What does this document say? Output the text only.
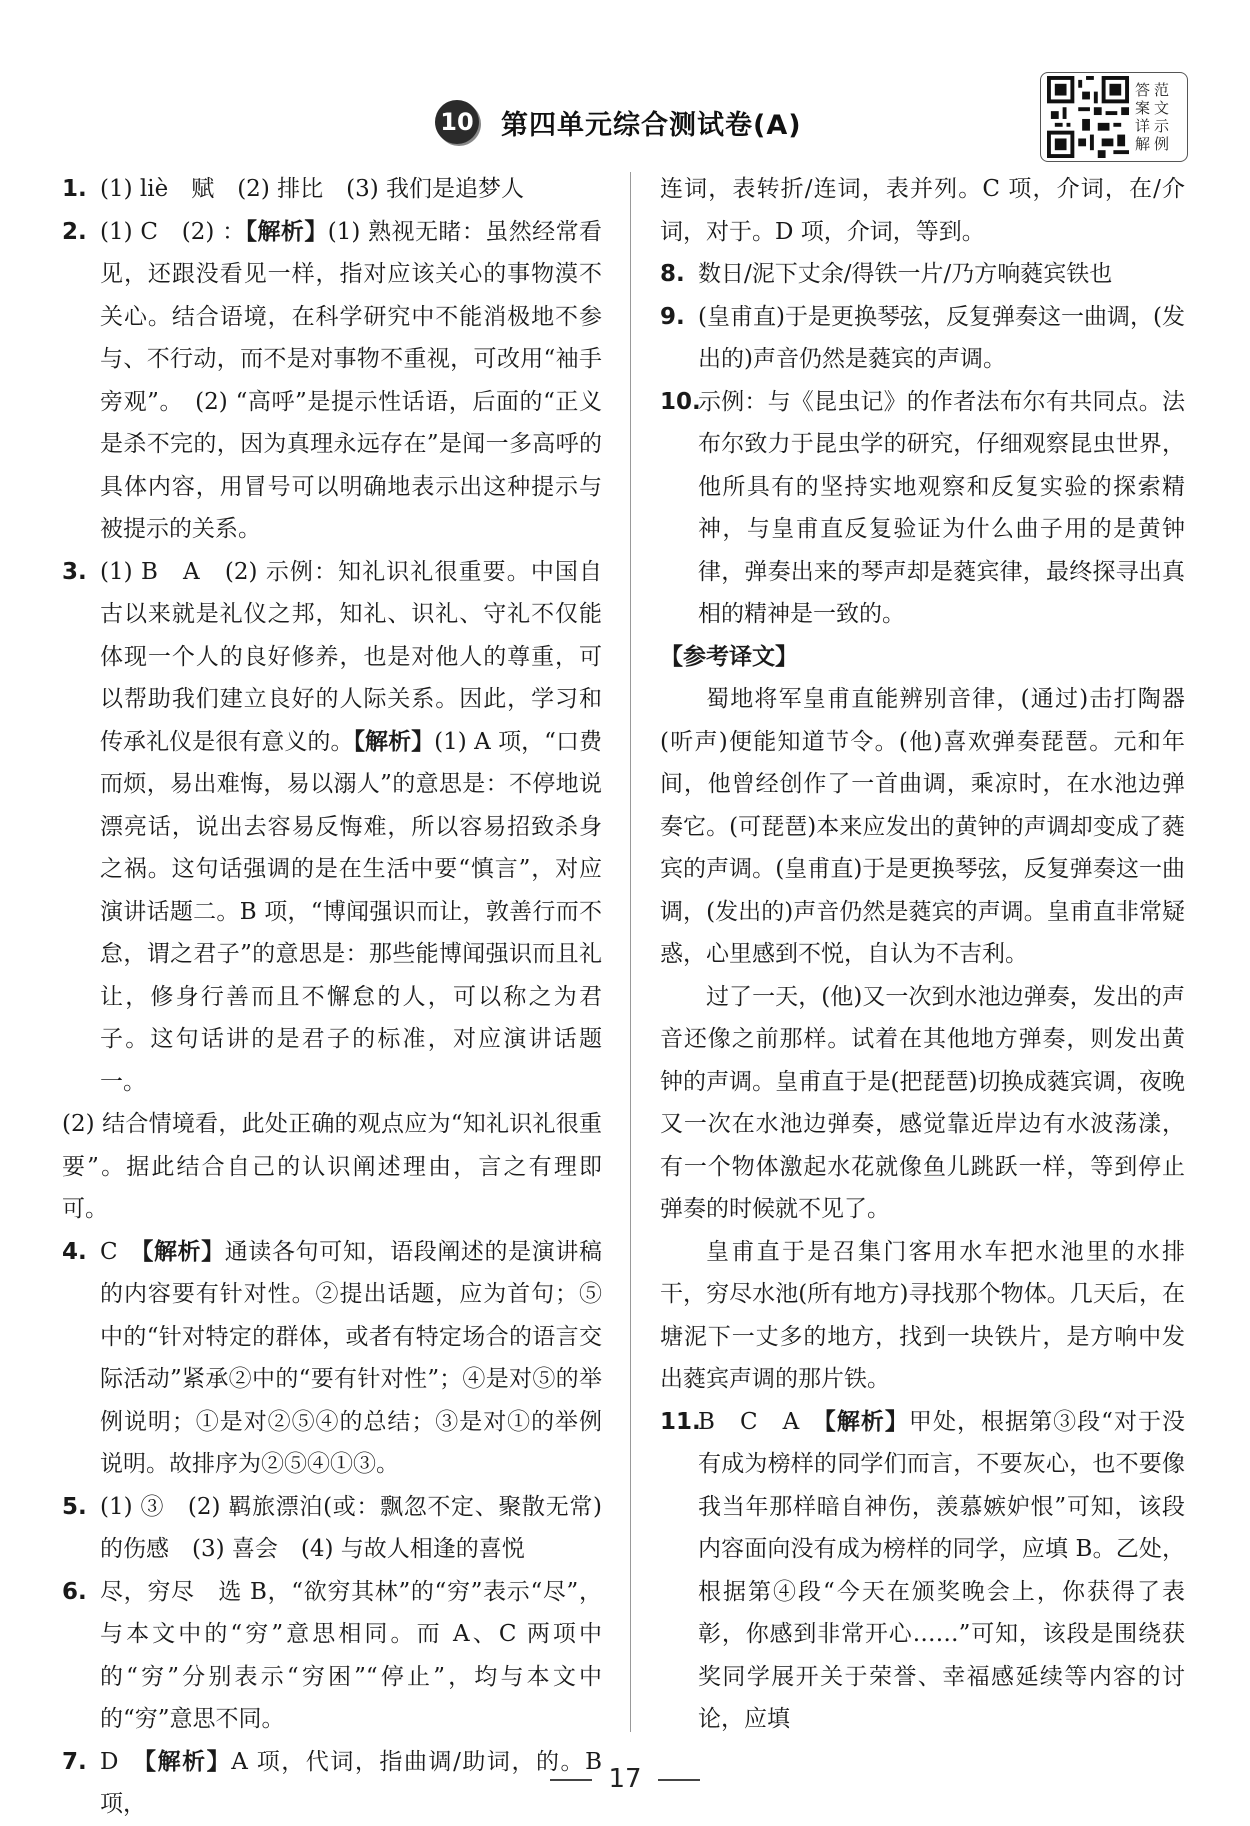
10 第四单元综合测试卷(A)
答
案
详
解
范
文
示
例

1. (1) liè　赋　(2) 排比　(3) 我们是追梦人

2. (1) C　(2) ：【解析】(1) 熟视无睹：虽然经常看见，还跟没看见一样，指对应该关心的事物漠不关心。结合语境，在科学研究中不能消极地不参与、不行动，而不是对事物不重视，可改用“袖手旁观”。　(2) “高呼”是提示性话语，后面的“正义是杀不完的，因为真理永远存在”是闻一多高呼的具体内容，用冒号可以明确地表示出这种提示与被提示的关系。

3. (1) B　A　(2) 示例：知礼识礼很重要。中国自古以来就是礼仪之邦，知礼、识礼、守礼不仅能体现一个人的良好修养，也是对他人的尊重，可以帮助我们建立良好的人际关系。因此，学习和传承礼仪是很有意义的。【解析】(1) A 项，“口费而烦，易出难悔，易以溺人”的意思是：不停地说漂亮话，说出去容易反悔难，所以容易招致杀身之祸。这句话强调的是在生活中要“慎言”，对应演讲话题二。B 项，“博闻强识而让，敦善行而不怠，谓之君子”的意思是：那些能博闻强识而且礼让，修身行善而且不懈怠的人，可以称之为君子。这句话讲的是君子的标准，对应演讲话题一。

(2) 结合情境看，此处正确的观点应为“知礼识礼很重要”。据此结合自己的认识阐述理由，言之有理即可。

4. C　【解析】通读各句可知，语段阐述的是演讲稿的内容要有针对性。②提出话题，应为首句；⑤中的“针对特定的群体，或者有特定场合的语言交际活动”紧承②中的“要有针对性”；④是对⑤的举例说明；①是对②⑤④的总结；③是对①的举例说明。故排序为②⑤④①③。

5. (1) ③　(2) 羁旅漂泊(或：飘忽不定、聚散无常)的伤感　(3) 喜会　(4) 与故人相逢的喜悦

6. 尽，穷尽　选 B，“欲穷其林”的“穷”表示“尽”，与本文中的“穷”意思相同。而 A、C 两项中的“穷”分别表示“穷困”“停止”，均与本文中的“穷”意思不同。

7. D　【解析】A 项，代词，指曲调/助词，的。B 项，

连词，表转折/连词，表并列。C 项，介词，在/介词，对于。D 项，介词，等到。

8. 数日/泥下丈余/得铁一片/乃方响蕤宾铁也

9. (皇甫直)于是更换琴弦，反复弹奏这一曲调，(发出的)声音仍然是蕤宾的声调。

10.
示例：与《昆虫记》的作者法布尔有共同点。法布尔致力于昆虫学的研究，仔细观察昆虫世界，他所具有的坚持实地观察和反复实验的探索精神，与皇甫直反复验证为什么曲子用的是黄钟律，弹奏出来的琴声却是蕤宾律，最终探寻出真相的精神是一致的。

【参考译文】

蜀地将军皇甫直能辨别音律，(通过)击打陶器(听声)便能知道节令。(他)喜欢弹奏琵琶。元和年间，他曾经创作了一首曲调，乘凉时，在水池边弹奏它。(可琵琶)本来应发出的黄钟的声调却变成了蕤宾的声调。(皇甫直)于是更换琴弦，反复弹奏这一曲调，(发出的)声音仍然是蕤宾的声调。皇甫直非常疑惑，心里感到不悦，自认为不吉利。

过了一天，(他)又一次到水池边弹奏，发出的声音还像之前那样。试着在其他地方弹奏，则发出黄钟的声调。皇甫直于是(把琵琶)切换成蕤宾调，夜晚又一次在水池边弹奏，感觉靠近岸边有水波荡漾，有一个物体激起水花就像鱼儿跳跃一样，等到停止弹奏的时候就不见了。

皇甫直于是召集门客用水车把水池里的水排干，穷尽水池(所有地方)寻找那个物体。几天后，在塘泥下一丈多的地方，找到一块铁片，是方响中发出蕤宾声调的那片铁。

11.
B　C　A　【解析】甲处，根据第③段“对于没有成为榜样的同学们而言，不要灰心，也不要像我当年那样暗自神伤，羡慕嫉妒恨”可知，该段内容面向没有成为榜样的同学，应填 B。乙处，根据第④段“今天在颁奖晚会上，你获得了表彰，你感到非常开心……”可知，该段是围绕获奖同学展开关于荣誉、幸福感延续等内容的讨论，应填

17
